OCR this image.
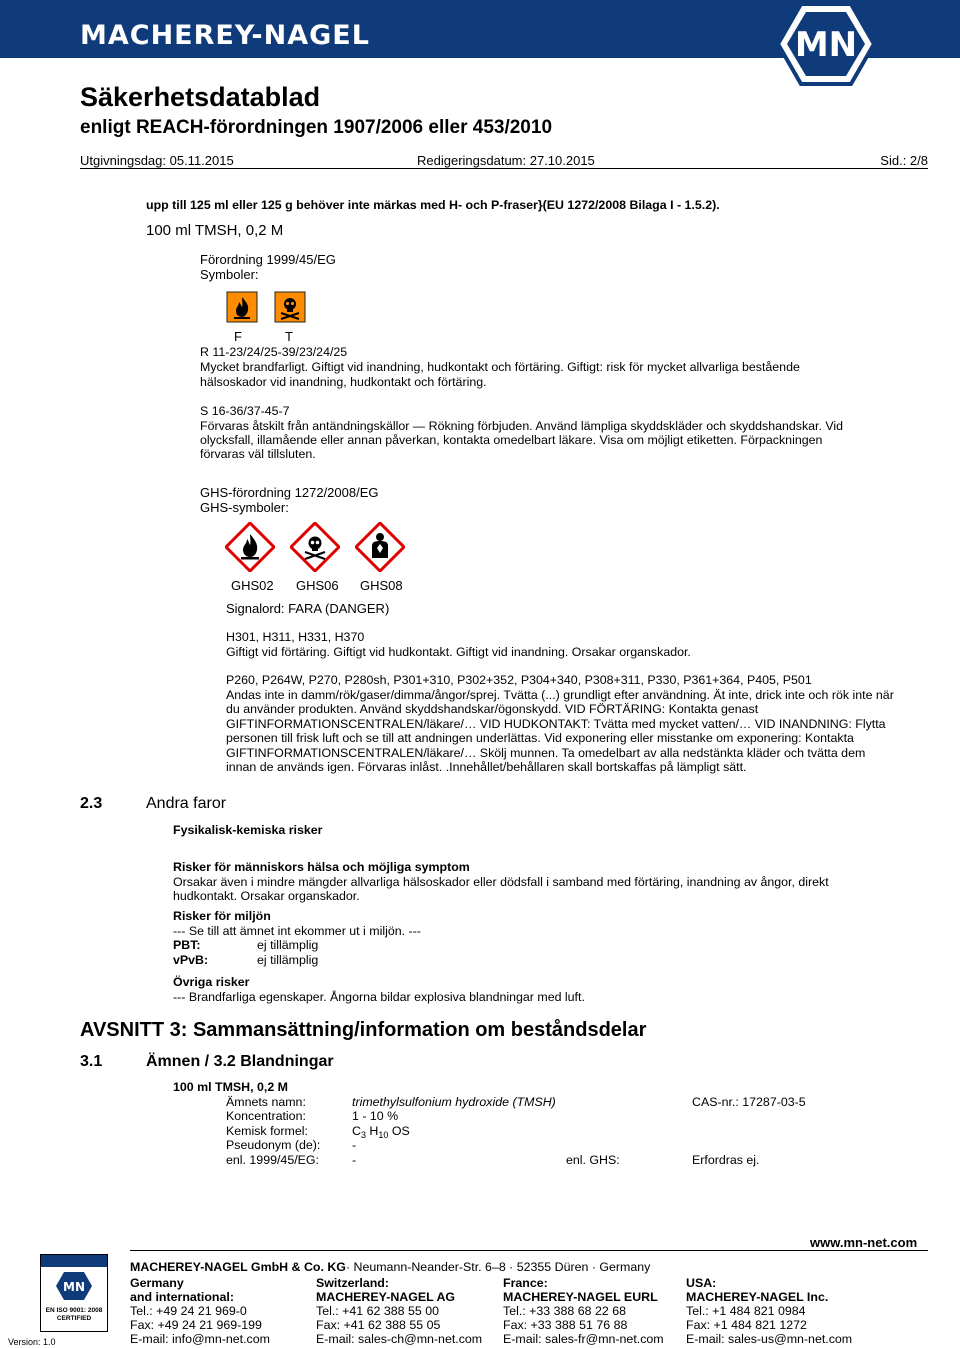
MACHEREY-NAGEL	MN
Säkerhetsdatablad
enligt REACH-förordningen 1907/2006 eller 453/2010
Utgivningsdag: 05.11.2015	Redigeringsdatum: 27.10.2015	Sid.: 2/8
upp till 125 ml eller 125 g behöver inte märkas med H- och P-fraser}(EU 1272/2008 Bilaga I - 1.5.2).
100 ml TMSH, 0,2 M
Förordning 1999/45/EG
Symboler:
F	T
R 11-23/24/25-39/23/24/25
Mycket brandfarligt. Giftigt vid inandning, hudkontakt och förtäring. Giftigt: risk för mycket allvarliga bestående
hälsoskador vid inandning, hudkontakt och förtäring.
S 16-36/37-45-7
Förvaras åtskilt från antändningskällor — Rökning förbjuden. Använd lämpliga skyddskläder och skyddshandskar. Vid
olycksfall, illamående eller annan påverkan, kontakta omedelbart läkare. Visa om möjligt etiketten. Förpackningen
förvaras väl tillsluten.
GHS-förordning 1272/2008/EG
GHS-symboler:
GHS02 GHS06 GHS08
Signalord: FARA (DANGER)
H301, H311, H331, H370
Giftigt vid förtäring. Giftigt vid hudkontakt. Giftigt vid inandning. Orsakar organskador.
P260, P264W, P270, P280sh, P301+310, P302+352, P304+340, P308+311, P330, P361+364, P405, P501
Andas inte in damm/rök/gaser/dimma/ångor/sprej. Tvätta (...) grundligt efter användning. Ät inte, drick inte och rök inte när
du använder produkten. Använd skyddshandskar/ögonskydd. VID FÖRTÄRING: Kontakta genast
GIFTINFORMATIONSCENTRALEN/läkare/… VID HUDKONTAKT: Tvätta med mycket vatten/… VID INANDNING: Flytta
personen till frisk luft och se till att andningen underlättas. Vid exponering eller misstanke om exponering: Kontakta
GIFTINFORMATIONSCENTRALEN/läkare/… Skölj munnen. Ta omedelbart av alla nedstänkta kläder och tvätta dem
innan de används igen. Förvaras inlåst. .Innehållet/behållaren skall bortskaffas på lämpligt sätt.
2.3	Andra faror
Fysikalisk-kemiska risker
Risker för människors hälsa och möjliga symptom
Orsakar även i mindre mängder allvarliga hälsoskador eller dödsfall i samband med förtäring, inandning av ångor, direkt
hudkontakt. Orsakar organskador.
Risker för miljön
--- Se till att ämnet int ekommer ut i miljön. ---
PBT:	ej tillämplig
vPvB:	ej tillämplig
Övriga risker
--- Brandfarliga egenskaper. Ångorna bildar explosiva blandningar med luft.
AVSNITT 3: Sammansättning/information om beståndsdelar
3.1	Ämnen / 3.2 Blandningar
100 ml TMSH, 0,2 M
Ämnets namn:	trimethylsulfonium hydroxide (TMSH)	CAS-nr.: 17287-03-5
Koncentration:	1 - 10 %
Kemisk formel:	$C_3$ $H_{10}$ OS
Pseudonym (de):	-
enl. 1999/45/EG:	-	enl. GHS:	Erfordras ej.
www.mn-net.com
MACHEREY-NAGEL GmbH & Co. KG· Neumann-Neander-Str. 6–8 · 52355 Düren · Germany
MN
EN ISO 9001: 2008
CERTIFIED
Version: 1.0
Germany
and international:
Tel.: +49 24 21 969-0
Fax: +49 24 21 969-199
E-mail: info@mn-net.com
Switzerland:
MACHEREY-NAGEL AG
Tel.: +41 62 388 55 00
Fax: +41 62 388 55 05
E-mail: sales-ch@mn-net.com
France:
MACHEREY-NAGEL EURL
Tel.: +33 388 68 22 68
Fax: +33 388 51 76 88
E-mail: sales-fr@mn-net.com
USA:
MACHEREY-NAGEL Inc.
Tel.: +1 484 821 0984
Fax: +1 484 821 1272
E-mail: sales-us@mn-net.com
